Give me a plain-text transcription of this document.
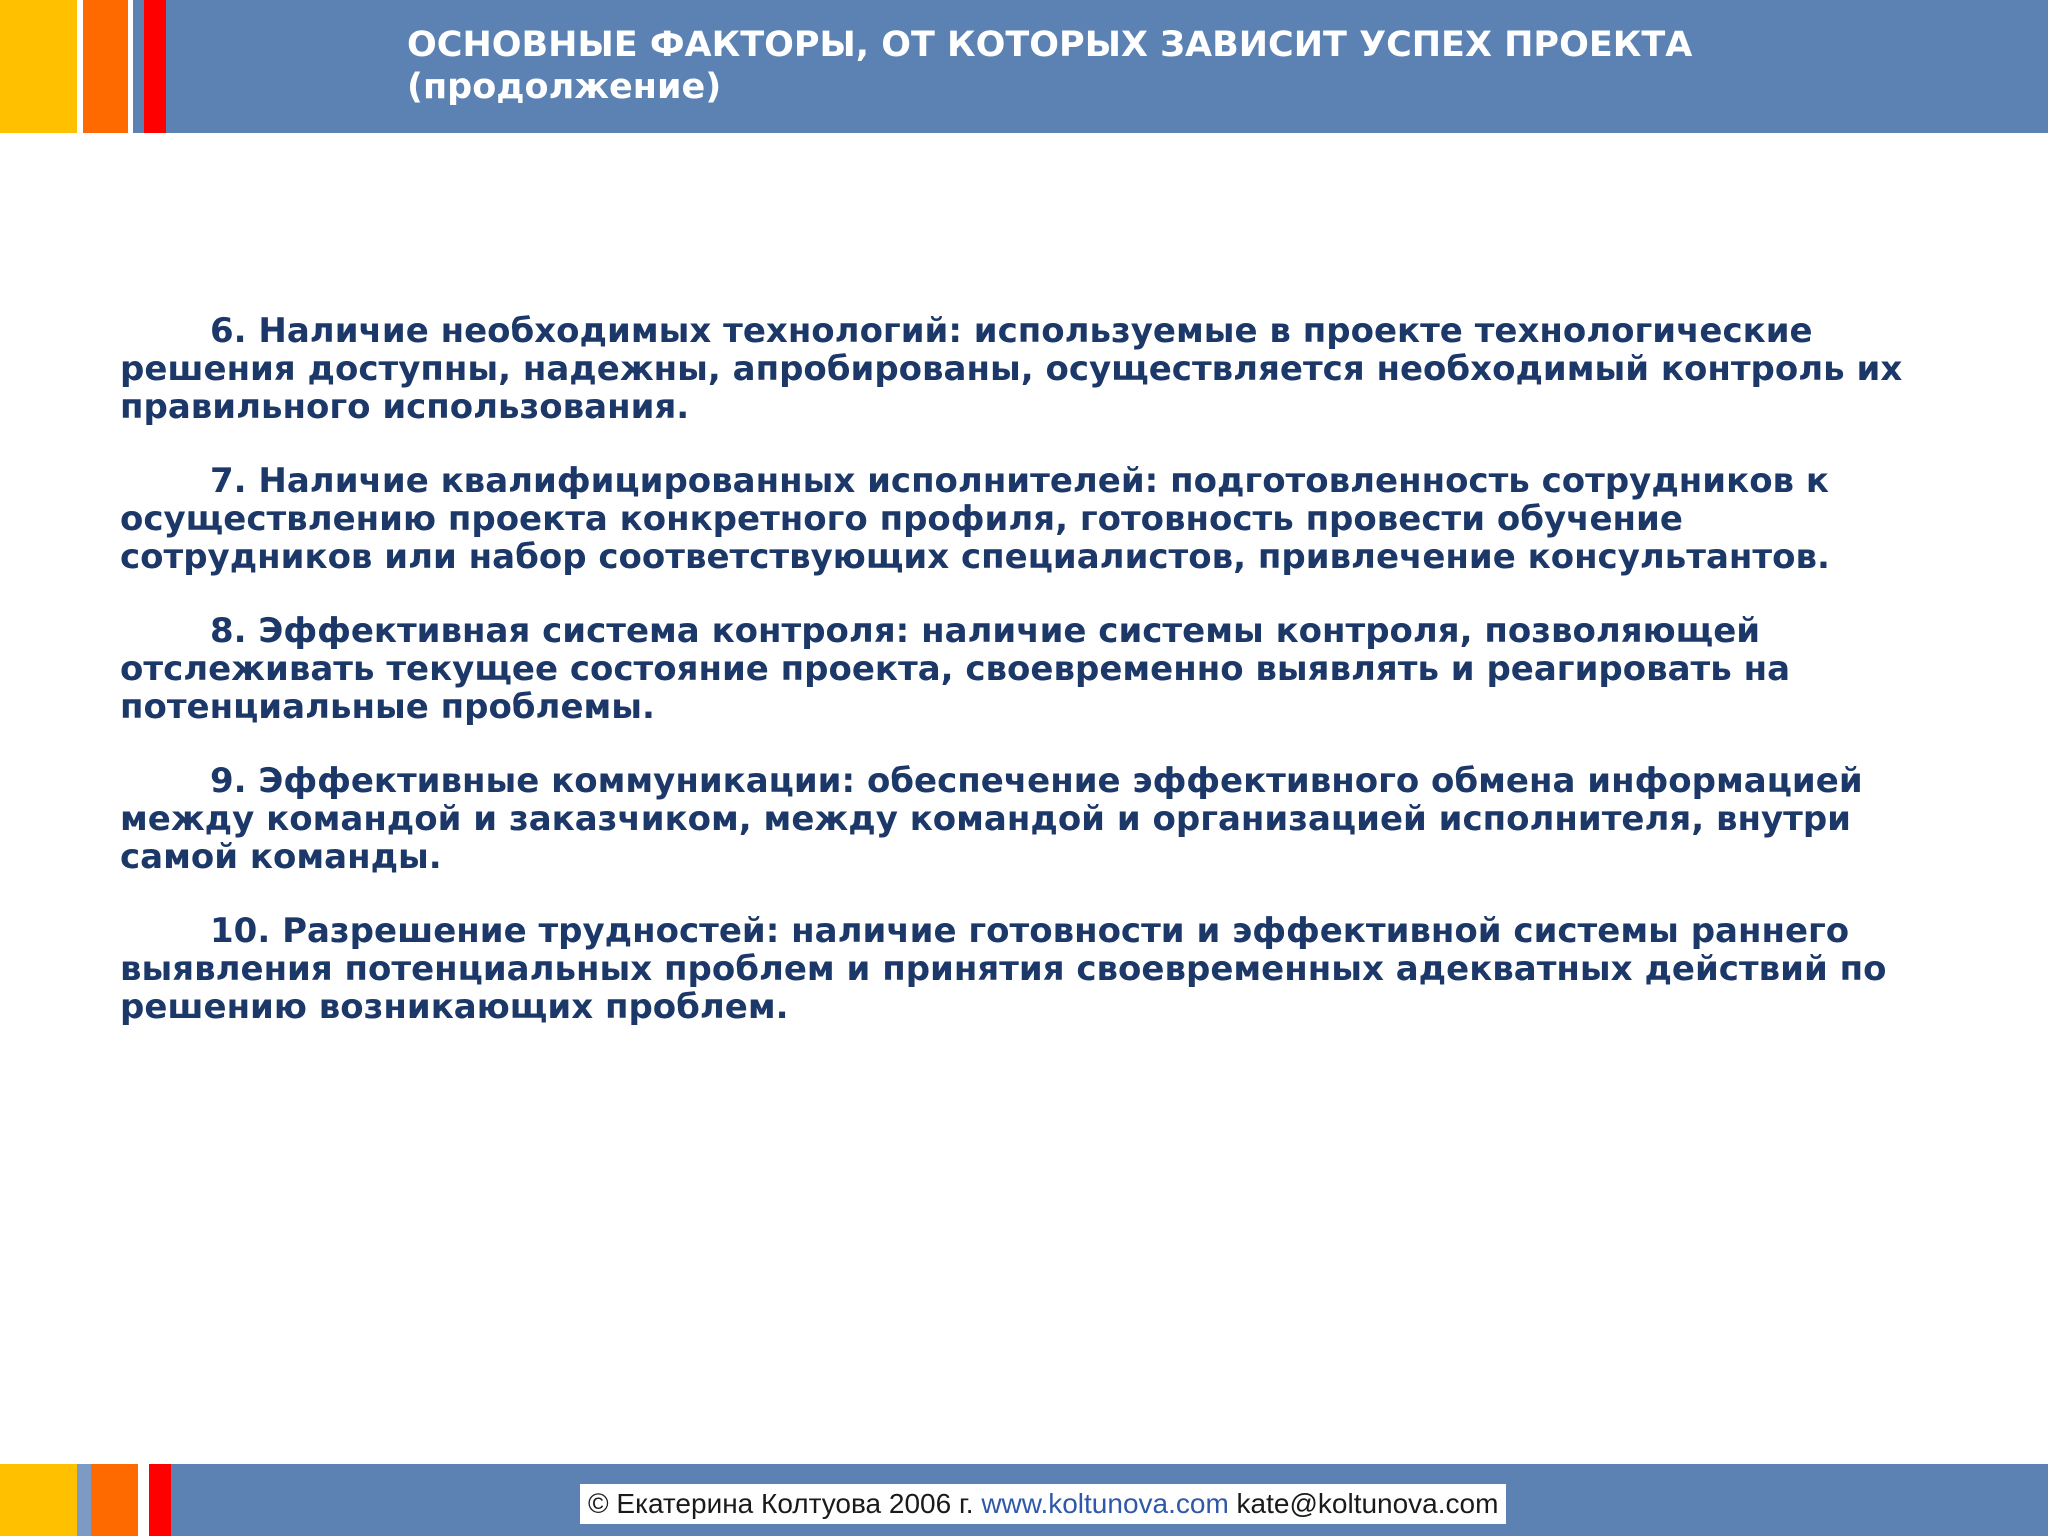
ОСНОВНЫЕ ФАКТОРЫ, ОТ КОТОРЫХ ЗАВИСИТ УСПЕХ ПРОЕКТА
(продолжение)

6. Наличие необходимых технологий: используемые в проекте технологические решения доступны, надежны, апробированы, осуществляется необходимый контроль их правильного использования.

7. Наличие квалифицированных исполнителей: подготовленность сотрудников к осуществлению проекта конкретного профиля, готовность провести обучение сотрудников или набор соответствующих специалистов, привлечение консультантов.

8. Эффективная система контроля: наличие системы контроля, позволяющей отслеживать текущее состояние проекта, своевременно выявлять и реагировать на потенциальные проблемы.

9. Эффективные коммуникации: обеспечение эффективного обмена информацией между командой и заказчиком, между командой и организацией исполнителя, внутри самой команды.

10. Разрешение трудностей: наличие готовности и эффективной системы раннего выявления потенциальных проблем и принятия своевременных адекватных действий по решению возникающих проблем.

© Екатерина Колтуова 2006 г. www.koltunova.com kate@koltunova.com
